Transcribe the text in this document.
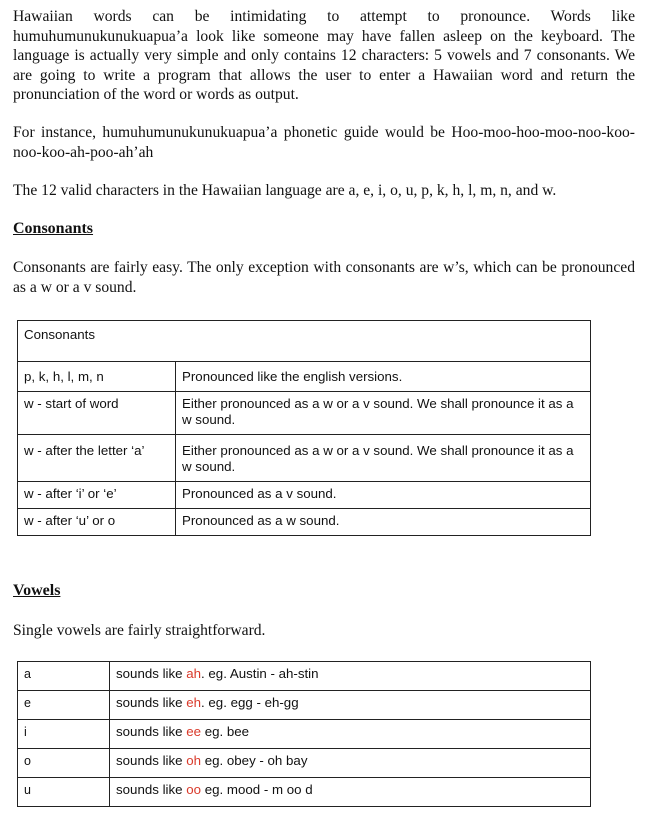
Hawaiian words can be intimidating to attempt to pronounce. Words like humuhumunukunukuapua’a look like someone may have fallen asleep on the keyboard. The language is actually very simple and only contains 12 characters: 5 vowels and 7 consonants. We are going to write a program that allows the user to enter a Hawaiian word and return the pronunciation of the word or words as output.

For instance, humuhumunukunukuapua’a phonetic guide would be Hoo-moo-hoo-moo-noo-koo-noo-koo-ah-poo-ah’ah

The 12 valid characters in the Hawaiian language are a, e, i, o, u, p, k, h, l, m, n, and w.

Consonants

Consonants are fairly easy. The only exception with consonants are w’s, which can be pronounced as a w or a v sound.

Consonants	
p, k, h, l, m, n	Pronounced like the english versions.
w - start of word	Either pronounced as a w or a v sound. We shall pronounce it as a w sound.
w - after the letter ‘a’	Either pronounced as a w or a v sound. We shall pronounce it as a w sound.
w - after ‘i’ or ‘e’	Pronounced as a v sound.
w - after ‘u’ or o	Pronounced as a w sound.
Vowels

Single vowels are fairly straightforward.

a	sounds like ah. eg. Austin - ah-stin
e	sounds like eh. eg. egg - eh-gg
i	sounds like ee eg. bee
o	sounds like oh eg. obey - oh bay
u	sounds like oo eg. mood - m oo d
